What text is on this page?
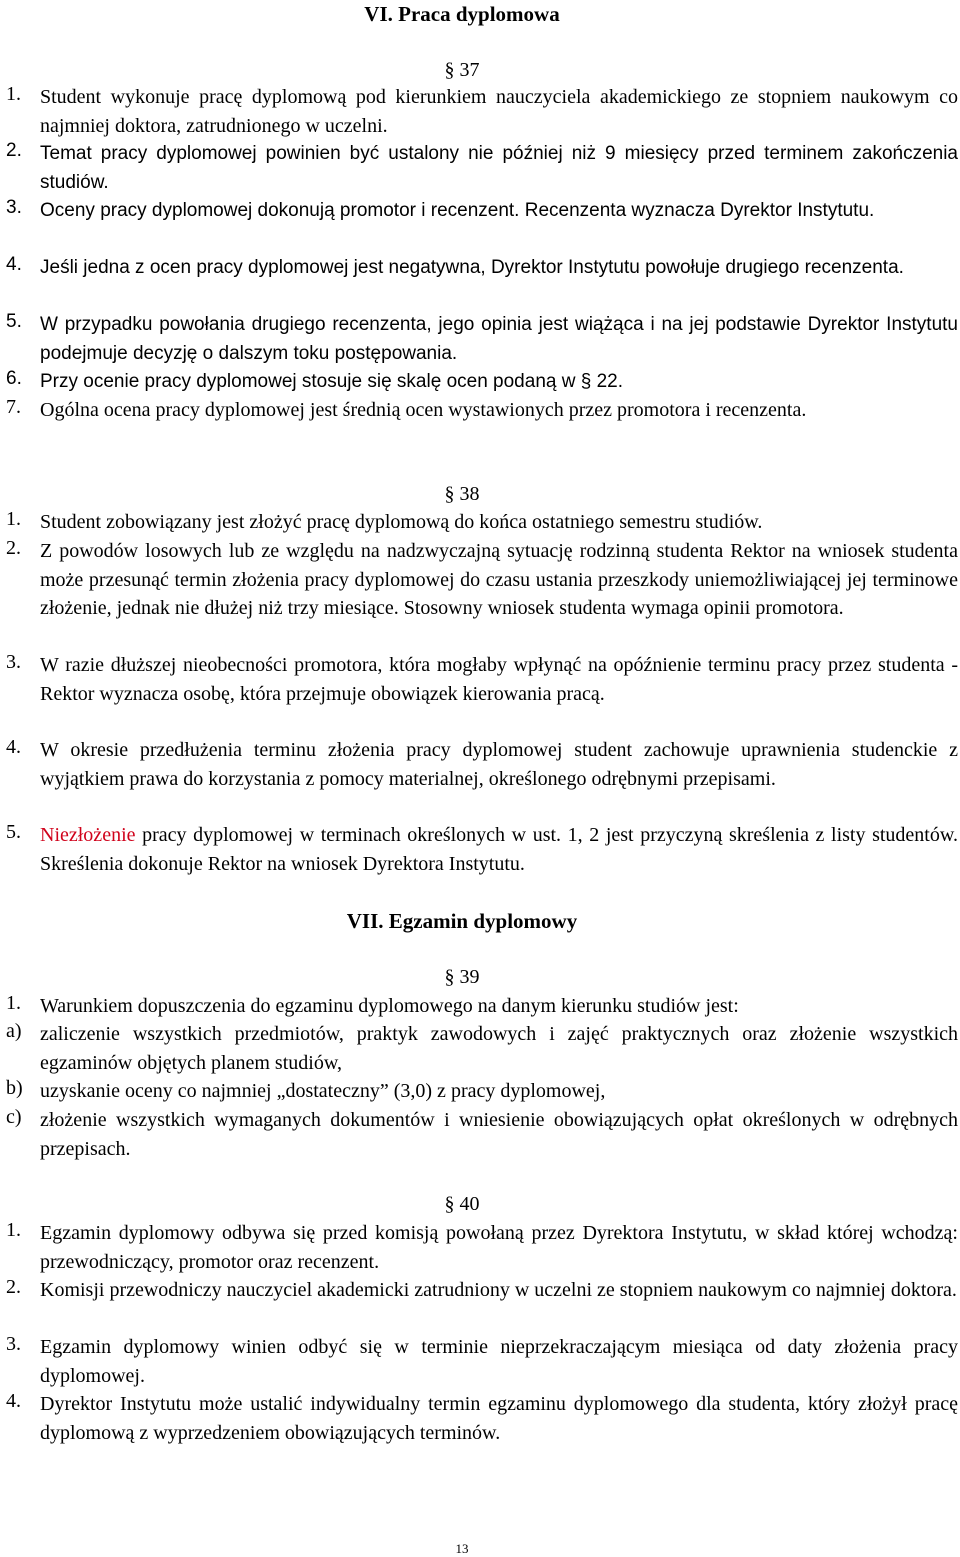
VI. Praca dyplomowa
§ 37
1. Student wykonuje pracę dyplomową pod kierunkiem nauczyciela akademickiego ze stopniem naukowym co najmniej doktora, zatrudnionego w uczelni.
2. Temat pracy dyplomowej powinien być ustalony nie później niż 9 miesięcy przed terminem zakończenia studiów.
3. Oceny pracy dyplomowej dokonują promotor i recenzent. Recenzenta wyznacza Dyrektor Instytutu.
4. Jeśli jedna z ocen pracy dyplomowej jest negatywna, Dyrektor Instytutu powołuje drugiego recenzenta.
5. W przypadku powołania drugiego recenzenta, jego opinia jest wiążąca i na jej podstawie Dyrektor Instytutu podejmuje decyzję o dalszym toku postępowania.
6. Przy ocenie pracy dyplomowej stosuje się skalę ocen podaną w § 22.
7. Ogólna ocena pracy dyplomowej jest średnią ocen wystawionych przez promotora i recenzenta.
§ 38
1. Student zobowiązany jest złożyć pracę dyplomową do końca ostatniego semestru studiów.
2. Z powodów losowych lub ze względu na nadzwyczajną sytuację rodzinną studenta Rektor na wniosek studenta może przesunąć termin złożenia pracy dyplomowej do czasu ustania przeszkody uniemożliwiającej jej terminowe złożenie, jednak nie dłużej niż trzy miesiące. Stosowny wniosek studenta wymaga opinii promotora.
3. W razie dłuższej nieobecności promotora, która mogłaby wpłynąć na opóźnienie terminu pracy przez studenta - Rektor wyznacza osobę, która przejmuje obowiązek kierowania pracą.
4. W okresie przedłużenia terminu złożenia pracy dyplomowej student zachowuje uprawnienia studenckie z wyjątkiem prawa do korzystania z pomocy materialnej, określonego odrębnymi przepisami.
5. Niezłożenie pracy dyplomowej w terminach określonych w ust. 1, 2 jest przyczyną skreślenia z listy studentów. Skreślenia dokonuje Rektor na wniosek Dyrektora Instytutu.
VII. Egzamin dyplomowy
§ 39
1. Warunkiem dopuszczenia do egzaminu dyplomowego na danym kierunku studiów jest:
a) zaliczenie wszystkich przedmiotów, praktyk zawodowych i zajęć praktycznych oraz złożenie wszystkich egzaminów objętych planem studiów,
b) uzyskanie oceny co najmniej „dostateczny” (3,0) z pracy dyplomowej,
c) złożenie wszystkich wymaganych dokumentów i wniesienie obowiązujących opłat określonych w odrębnych przepisach.
§ 40
1. Egzamin dyplomowy odbywa się przed komisją powołaną przez Dyrektora Instytutu, w skład której wchodzą: przewodniczący, promotor oraz recenzent.
2. Komisji przewodniczy nauczyciel akademicki zatrudniony w uczelni ze stopniem naukowym co najmniej doktora.
3. Egzamin dyplomowy winien odbyć się w terminie nieprzekraczającym miesiąca od daty złożenia pracy dyplomowej.
4. Dyrektor Instytutu może ustalić indywidualny termin egzaminu dyplomowego dla studenta, który złożył pracę dyplomową z wyprzedzeniem obowiązujących terminów.
13
